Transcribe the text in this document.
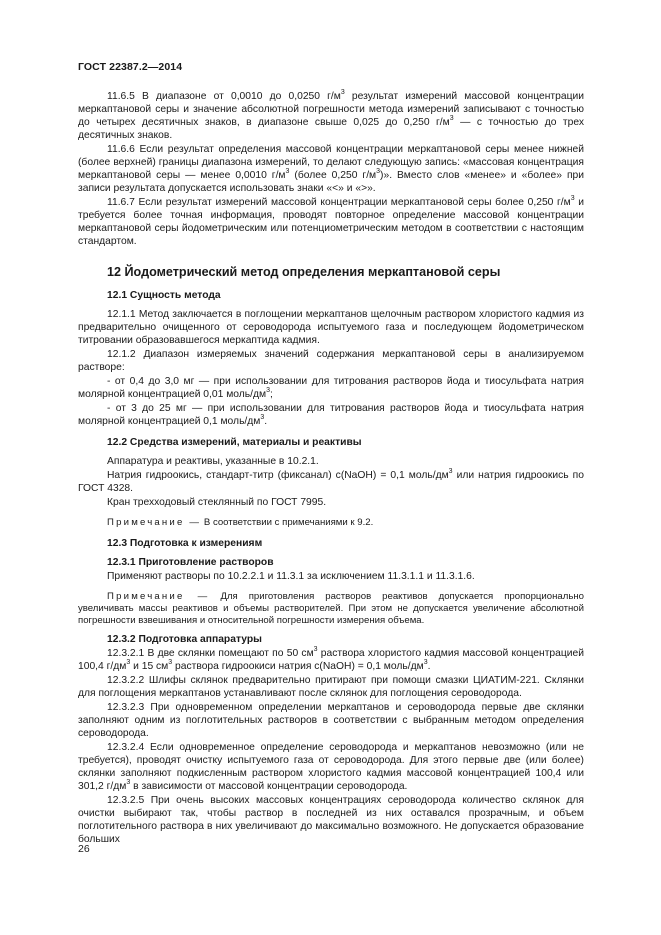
ГОСТ 22387.2—2014

11.6.5 В диапазоне от 0,0010 до 0,0250 $г/м^3$ результат измерений массовой концентрации меркаптановой серы и значение абсолютной погрешности метода измерений записывают с точностью до четырех десятичных знаков, в диапазоне свыше 0,025 до 0,250 $г/м^3$ — с точностью до трех десятичных знаков.

11.6.6 Если результат определения массовой концентрации меркаптановой серы менее нижней (более верхней) границы диапазона измерений, то делают следующую запись: «массовая концентрация меркаптановой серы — менее 0,0010 $г/м^3$ (более 0,250 $г/м^3$)». Вместо слов «менее» и «более» при записи результата допускается использовать знаки «<» и «>».

11.6.7 Если результат измерений массовой концентрации меркаптановой серы более 0,250 $г/м^3$ и требуется более точная информация, проводят повторное определение массовой концентрации меркаптановой серы йодометрическим или потенциометрическим методом в соответствии с настоящим стандартом.

12 Йодометрический метод определения меркаптановой серы
12.1 Сущность метода

12.1.1 Метод заключается в поглощении меркаптанов щелочным раствором хлористого кадмия из предварительно очищенного от сероводорода испытуемого газа и последующем йодометрическом титровании образовавшегося меркаптида кадмия.

12.1.2 Диапазон измеряемых значений содержания меркаптановой серы в анализируемом растворе:

- от 0,4 до 3,0 мг — при использовании для титрования растворов йода и тиосульфата натрия молярной концентрацией 0,01 моль/$дм^3$;

- от 3 до 25 мг — при использовании для титрования растворов йода и тиосульфата натрия молярной концентрацией 0,1 моль/$дм^3$.

12.2 Средства измерений, материалы и реактивы

Аппаратура и реактивы, указанные в 10.2.1.

Натрия гидроокись, стандарт-титр (фиксанал) с(NaOH) = 0,1 моль/$дм^3$ или натрия гидроокись по ГОСТ 4328.

Кран трехходовый стеклянный по ГОСТ 7995.

Примечание — В соответствии с примечаниями к 9.2.

12.3 Подготовка к измерениям
12.3.1 Приготовление растворов

Применяют растворы по 10.2.2.1 и 11.3.1 за исключением 11.3.1.1 и 11.3.1.6.

Примечание — Для приготовления растворов реактивов допускается пропорционально увеличивать массы реактивов и объемы растворителей. При этом не допускается увеличение абсолютной погрешности взвешивания и относительной погрешности измерения объема.

12.3.2 Подготовка аппаратуры

12.3.2.1 В две склянки помещают по 50 $см^3$ раствора хлористого кадмия массовой концентрацией 100,4 $г/дм^3$ и 15 $см^3$ раствора гидроокиси натрия с(NaOH) = 0,1 моль/$дм^3$.

12.3.2.2 Шлифы склянок предварительно притирают при помощи смазки ЦИАТИМ-221. Склянки для поглощения меркаптанов устанавливают после склянок для поглощения сероводорода.

12.3.2.3 При одновременном определении меркаптанов и сероводорода первые две склянки заполняют одним из поглотительных растворов в соответствии с выбранным методом определения сероводорода.

12.3.2.4 Если одновременное определение сероводорода и меркаптанов невозможно (или не требуется), проводят очистку испытуемого газа от сероводорода. Для этого первые две (или более) склянки заполняют подкисленным раствором хлористого кадмия массовой концентрацией 100,4 или 301,2 $г/дм^3$ в зависимости от массовой концентрации сероводорода.

12.3.2.5 При очень высоких массовых концентрациях сероводорода количество склянок для очистки выбирают так, чтобы раствор в последней из них оставался прозрачным, и объем поглотительного раствора в них увеличивают до максимально возможного. Не допускается образование больших

26
